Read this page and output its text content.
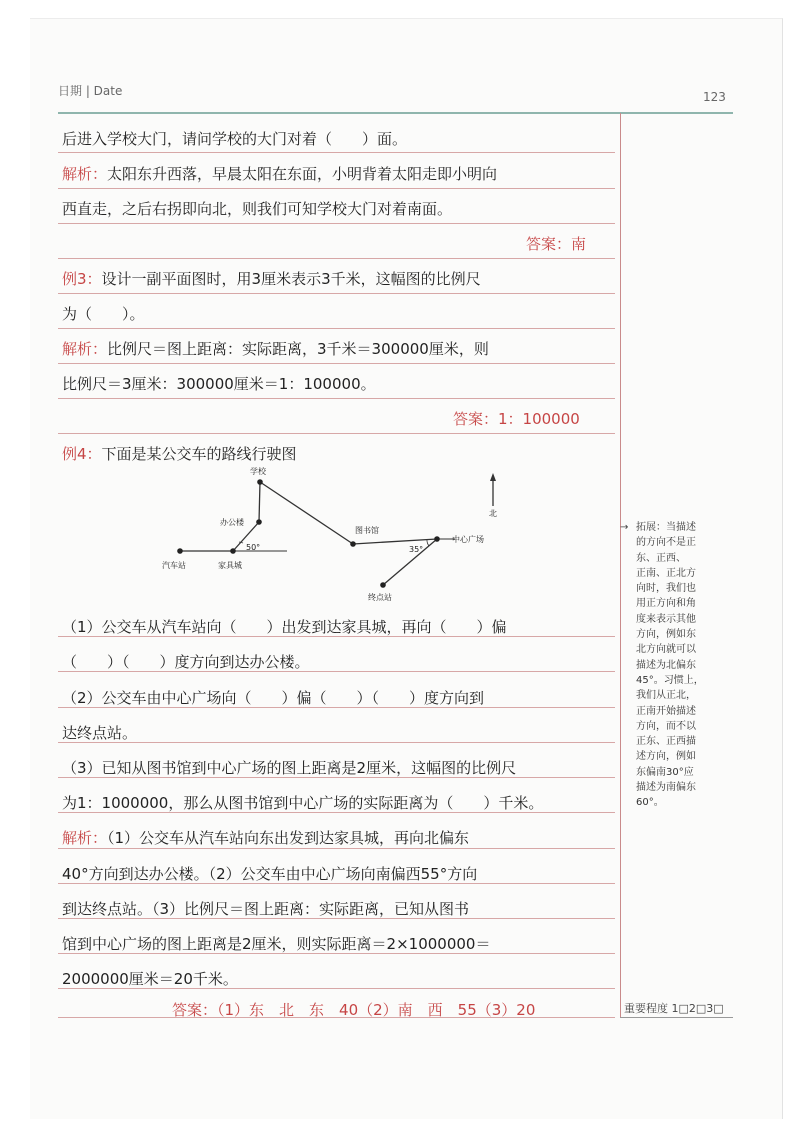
日期 | Date	123
后进入学校大门，请问学校的大门对着（　　）面。
解析：太阳东升西落，早晨太阳在东面，小明背着太阳走即小明向
西直走，之后右拐即向北，则我们可知学校大门对着南面。
答案：南
例3：设计一副平面图时，用3厘米表示3千米，这幅图的比例尺
为（　　）。
解析：比例尺＝图上距离：实际距离，3千米＝300000厘米，则
比例尺＝3厘米：300000厘米＝1：100000。
答案：1：100000
例4：下面是某公交车的路线行驶图
学校
办公楼
图书馆
中心广场
汽车站	家具城
终点站
北
50°	35°
（1）公交车从汽车站向（　　）出发到达家具城，再向（　　）偏
（　　）（　　）度方向到达办公楼。
（2）公交车由中心广场向（　　）偏（　　）（　　）度方向到
达终点站。
（3）已知从图书馆到中心广场的图上距离是2厘米，这幅图的比例尺
为1：1000000，那么从图书馆到中心广场的实际距离为（　　）千米。
解析：（1）公交车从汽车站向东出发到达家具城，再向北偏东
40°方向到达办公楼。（2）公交车由中心广场向南偏西55°方向
到达终点站。（3）比例尺＝图上距离：实际距离，已知从图书
馆到中心广场的图上距离是2厘米，则实际距离＝2×1000000＝
2000000厘米＝20千米。
答案：（1）东　北　东　40（2）南　西　55（3）20
→ 拓展：当描述
的方向不是正
东、正西、
正南、正北方
向时，我们也
用正方向和角
度来表示其他
方向，例如东
北方向就可以
描述为北偏东
45°。习惯上，
我们从正北，
正南开始描述
方向，而不以
正东、正西描
述方向，例如
东偏南30°应
描述为南偏东
60°。
重要程度 1□2□3□
